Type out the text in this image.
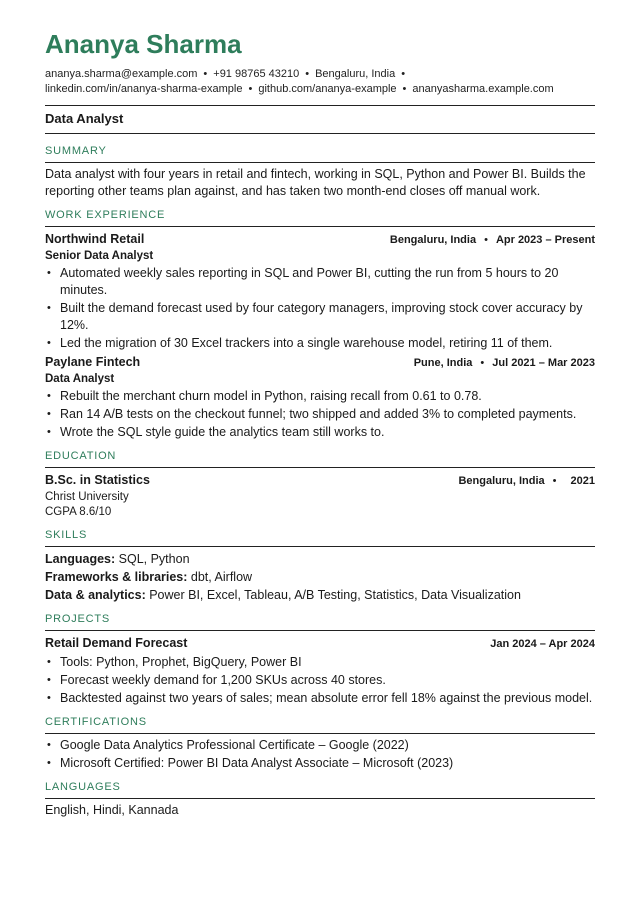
Ananya Sharma
ananya.sharma@example.com • +91 98765 43210 • Bengaluru, India •
linkedin.com/in/ananya-sharma-example • github.com/ananya-example • ananyasharma.example.com
Data Analyst
SUMMARY
Data analyst with four years in retail and fintech, working in SQL, Python and Power BI. Builds the reporting other teams plan against, and has taken two month-end closes off manual work.
WORK EXPERIENCE
Northwind Retail	Bengaluru, India • Apr 2023 – Present
Senior Data Analyst
• Automated weekly sales reporting in SQL and Power BI, cutting the run from 5 hours to 20 minutes.
• Built the demand forecast used by four category managers, improving stock cover accuracy by 12%.
• Led the migration of 30 Excel trackers into a single warehouse model, retiring 11 of them.
Paylane Fintech	Pune, India • Jul 2021 – Mar 2023
Data Analyst
• Rebuilt the merchant churn model in Python, raising recall from 0.61 to 0.78.
• Ran 14 A/B tests on the checkout funnel; two shipped and added 3% to completed payments.
• Wrote the SQL style guide the analytics team still works to.
EDUCATION
B.Sc. in Statistics	Bengaluru, India • 2021
Christ University
CGPA 8.6/10
SKILLS
Languages: SQL, Python
Frameworks & libraries: dbt, Airflow
Data & analytics: Power BI, Excel, Tableau, A/B Testing, Statistics, Data Visualization
PROJECTS
Retail Demand Forecast	Jan 2024 – Apr 2024
• Tools: Python, Prophet, BigQuery, Power BI
• Forecast weekly demand for 1,200 SKUs across 40 stores.
• Backtested against two years of sales; mean absolute error fell 18% against the previous model.
CERTIFICATIONS
• Google Data Analytics Professional Certificate – Google (2022)
• Microsoft Certified: Power BI Data Analyst Associate – Microsoft (2023)
LANGUAGES
English, Hindi, Kannada
